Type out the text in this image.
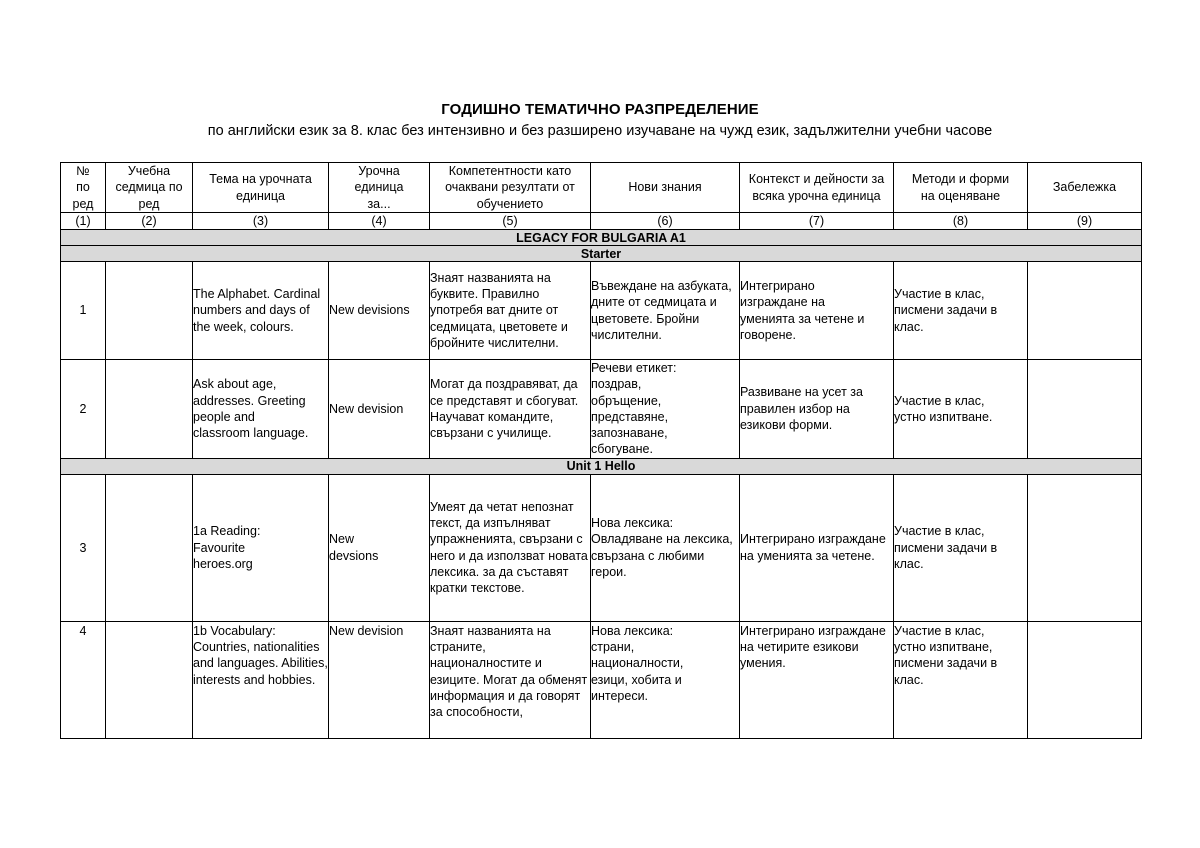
ГОДИШНО ТЕМАТИЧНО РАЗПРЕДЕЛЕНИЕ
по английски език за 8. клас без интензивно и без разширено изучаване на чужд език, задължителни учебни часове
№ по ред	Учебна седмица по ред	Тема на урочната единица	Урочна единица за...	Компетентности като очаквани резултати от обучението	Нови знания	Контекст и дейности за всяка урочна единица	Методи и форми на оценяване	Забележка
(1)	(2)	(3)	(4)	(5)	(6)	(7)	(8)	(9)
LEGACY FOR BULGARIA A1								
Starter								
1		The Alphabet. Cardinal numbers and days of the week, colours.	New devisions	Знаят названията на буквите. Правилно употребя ват дните от седмицата, цветовете и бройните числителни.	Въвеждане на азбуката, дните от седмицата и цветовете. Бройни числителни.	Интегрирано изграждане на уменията за четене и говорене.	Участие в клас, писмени задачи в клас.	
2		Ask about age, addresses. Greeting people and classroom language.	New devision	Могат да поздравяват, да се представят и сбогуват. Научават командите, свързани с училище.	Речеви етикет: поздрав, обръщение, представяне, запознаване, сбогуване.	Развиване на усет за правилен избор на езикови форми.	Участие в клас, устно изпитване.	
Unit 1 Hello								
3		1a Reading: Favourite heroes.org	New devsions	Умеят да четат непознат текст, да изпълняват упражненията, свързани с него и да използват новата лексика. за да съставят кратки текстове.	Нова лексика: Овладяване на лексика, свързана с любими герои.	Интегрирано изграждане на уменията за четене.	Участие в клас, писмени задачи в клас.	
4		1b Vocabulary: Countries, nationalities and languages. Abilities, interests and hobbies.	New devision	Знаят названията на страните, националностите и езиците. Могат да обменят информация и да говорят за способности,	Нова лексика: страни, националности, езици, хобита и интереси.	Интегрирано изграждане на четирите езикови умения.	Участие в клас, устно изпитване, писмени задачи в клас.	
